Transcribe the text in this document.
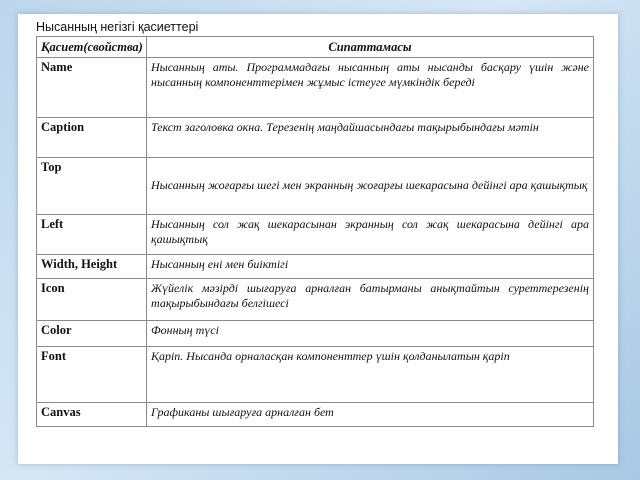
Нысанның негізгі қасиеттері
Қасиет(свойства)	Сипаттамасы
Name	Нысанның аты. Программадағы нысанның аты нысанды басқару үшін және нысанның компоненттерімен жұмыс істеуге мүмкіндік береді
Caption	Текст заголовка окна. Терезенің маңдайшасындағы тақырыбындағы мәтін
Top	Нысанның жоғарғы шегі мен экранның жоғарғы шекарасына дейінгі ара қашықтық
Left	Нысанның сол жақ шекарасынан экранның сол жақ шекарасына дейінгі ара қашықтық
Width, Height	Нысанның ені мен биіктігі
Icon	Жүйелік мәзірді шығаруға арналған батырманы анықтайтын суреттерезенің тақырыбындағы белгішесі
Color	Фонның түсі
Font	Қаріп. Нысанда орналасқан компоненттер үшін қолданылатын қаріп
Canvas	Графиканы шығаруға арналған бет
